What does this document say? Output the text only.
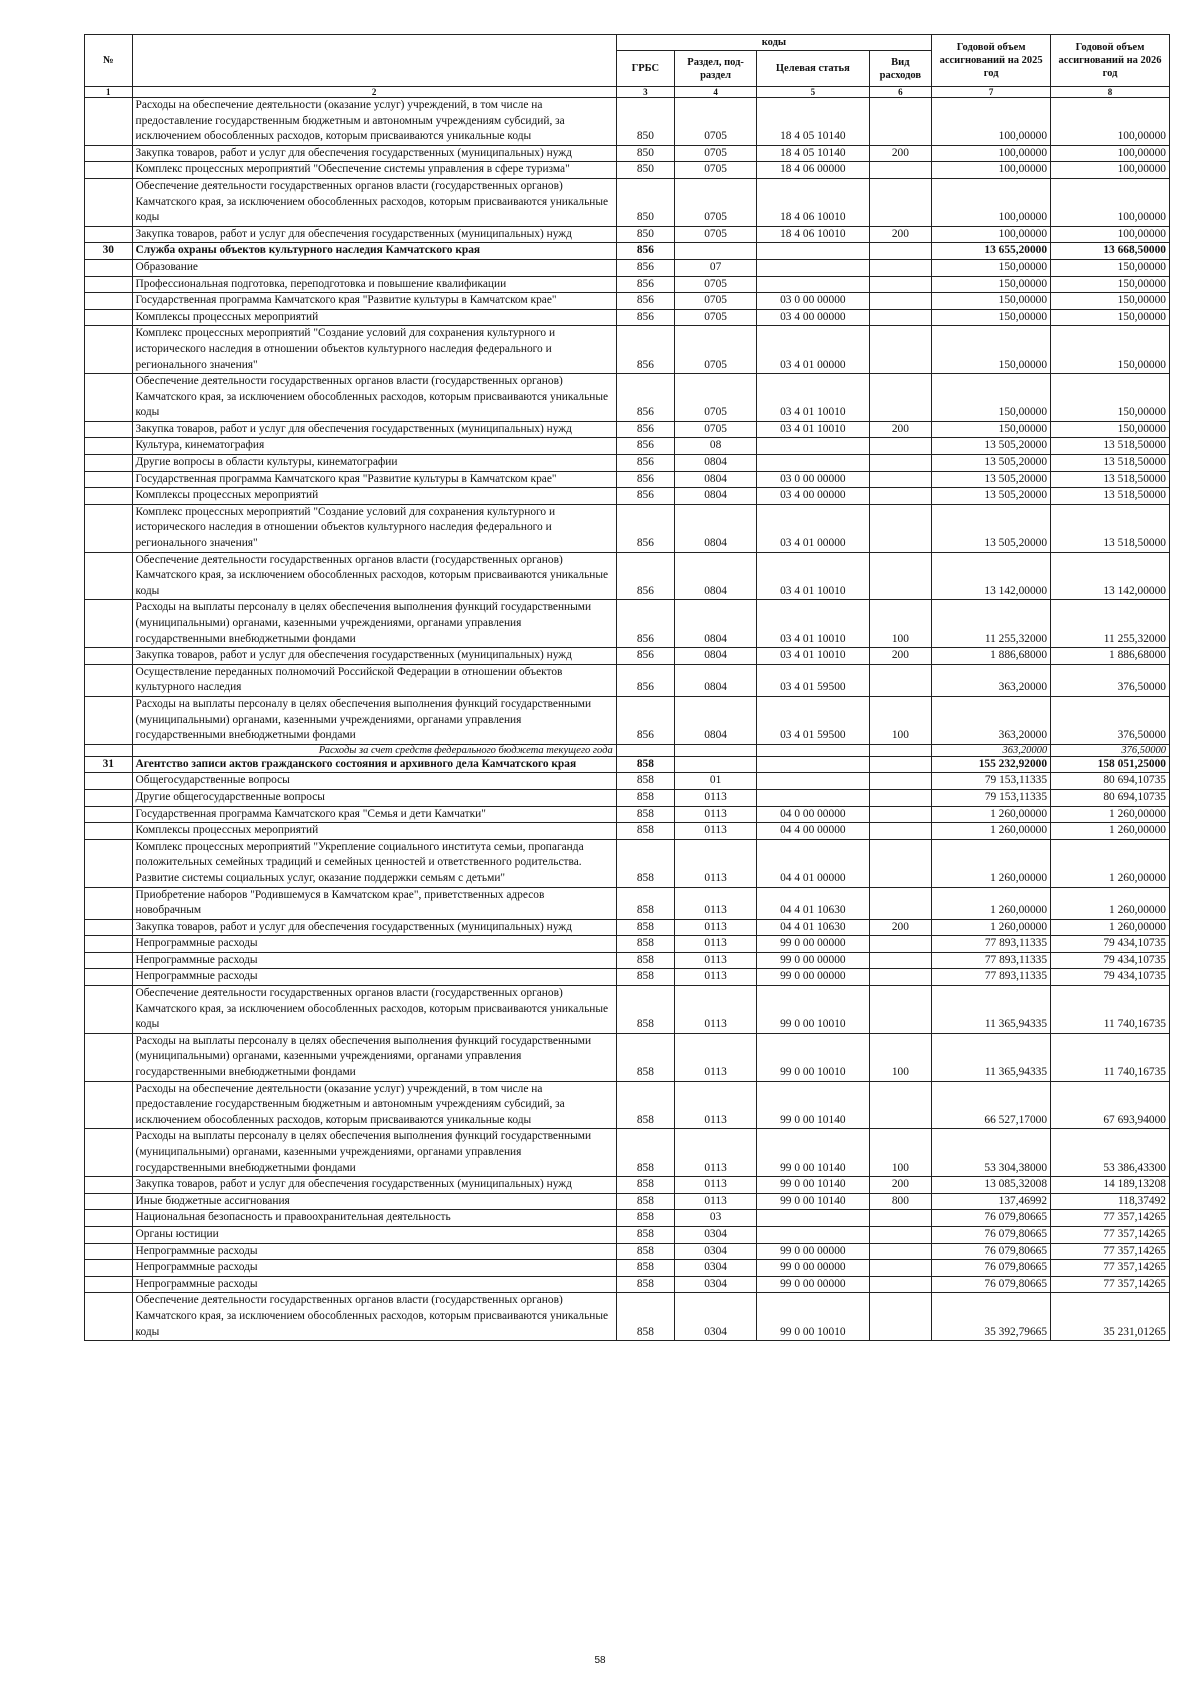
№		коды				Годовой объем ассигнований на 2025 год	Годовой объем ассигнований на 2026 год
		ГРБС	Раздел, под-раздел	Целевая статья	Вид расходов		
1	2	3	4	5	6	7	8
	Расходы на обеспечение деятельности (оказание услуг) учреждений, в том числе на предоставление государственным бюджетным и автономным учреждениям субсидий, за исключением обособленных расходов, которым присваиваются уникальные коды	850	0705	18 4 05 10140		100,00000	100,00000
	Закупка товаров, работ и услуг для обеспечения государственных (муниципальных) нужд	850	0705	18 4 05 10140	200	100,00000	100,00000
	Комплекс процессных мероприятий "Обеспечение системы управления в сфере туризма"	850	0705	18 4 06 00000		100,00000	100,00000
	Обеспечение деятельности государственных органов власти (государственных органов) Камчатского края, за исключением обособленных расходов, которым присваиваются уникальные коды	850	0705	18 4 06 10010		100,00000	100,00000
	Закупка товаров, работ и услуг для обеспечения государственных (муниципальных) нужд	850	0705	18 4 06 10010	200	100,00000	100,00000
30	Служба охраны объектов культурного наследия Камчатского края	856				13 655,20000	13 668,50000
	Образование	856	07			150,00000	150,00000
	Профессиональная подготовка, переподготовка и повышение квалификации	856	0705			150,00000	150,00000
	Государственная программа Камчатского края "Развитие культуры в Камчатском крае"	856	0705	03 0 00 00000		150,00000	150,00000
	Комплексы процессных мероприятий	856	0705	03 4 00 00000		150,00000	150,00000
	Комплекс процессных мероприятий "Создание условий для сохранения культурного и исторического наследия в отношении объектов культурного наследия федерального и регионального значения"	856	0705	03 4 01 00000		150,00000	150,00000
	Обеспечение деятельности государственных органов власти (государственных органов) Камчатского края, за исключением обособленных расходов, которым присваиваются уникальные коды	856	0705	03 4 01 10010		150,00000	150,00000
	Закупка товаров, работ и услуг для обеспечения государственных (муниципальных) нужд	856	0705	03 4 01 10010	200	150,00000	150,00000
	Культура, кинематография	856	08			13 505,20000	13 518,50000
	Другие вопросы в области культуры, кинематографии	856	0804			13 505,20000	13 518,50000
	Государственная программа Камчатского края "Развитие культуры в Камчатском крае"	856	0804	03 0 00 00000		13 505,20000	13 518,50000
	Комплексы процессных мероприятий	856	0804	03 4 00 00000		13 505,20000	13 518,50000
	Комплекс процессных мероприятий "Создание условий для сохранения культурного и исторического наследия в отношении объектов культурного наследия федерального и регионального значения"	856	0804	03 4 01 00000		13 505,20000	13 518,50000
	Обеспечение деятельности государственных органов власти (государственных органов) Камчатского края, за исключением обособленных расходов, которым присваиваются уникальные коды	856	0804	03 4 01 10010		13 142,00000	13 142,00000
	Расходы на выплаты персоналу в целях обеспечения выполнения функций государственными (муниципальными) органами, казенными учреждениями, органами управления государственными внебюджетными фондами	856	0804	03 4 01 10010	100	11 255,32000	11 255,32000
	Закупка товаров, работ и услуг для обеспечения государственных (муниципальных) нужд	856	0804	03 4 01 10010	200	1 886,68000	1 886,68000
	Осуществление переданных полномочий Российской Федерации в отношении объектов культурного наследия	856	0804	03 4 01 59500		363,20000	376,50000
	Расходы на выплаты персоналу в целях обеспечения выполнения функций государственными (муниципальными) органами, казенными учреждениями, органами управления государственными внебюджетными фондами	856	0804	03 4 01 59500	100	363,20000	376,50000
	Расходы за счет средств федерального бюджета текущего года					363,20000	376,50000
31	Агентство записи актов гражданского состояния и архивного дела Камчатского края	858				155 232,92000	158 051,25000
	Общегосударственные вопросы	858	01			79 153,11335	80 694,10735
	Другие общегосударственные вопросы	858	0113			79 153,11335	80 694,10735
	Государственная программа Камчатского края "Семья и дети Камчатки"	858	0113	04 0 00 00000		1 260,00000	1 260,00000
	Комплексы процессных мероприятий	858	0113	04 4 00 00000		1 260,00000	1 260,00000
	Комплекс процессных мероприятий "Укрепление социального института семьи, пропаганда положительных семейных традиций и семейных ценностей и ответственного родительства. Развитие системы социальных услуг, оказание поддержки семьям с детьми"	858	0113	04 4 01 00000		1 260,00000	1 260,00000
	Приобретение наборов "Родившемуся в Камчатском крае", приветственных адресов новобрачным	858	0113	04 4 01 10630		1 260,00000	1 260,00000
	Закупка товаров, работ и услуг для обеспечения государственных (муниципальных) нужд	858	0113	04 4 01 10630	200	1 260,00000	1 260,00000
	Непрограммные расходы	858	0113	99 0 00 00000		77 893,11335	79 434,10735
	Непрограммные расходы	858	0113	99 0 00 00000		77 893,11335	79 434,10735
	Непрограммные расходы	858	0113	99 0 00 00000		77 893,11335	79 434,10735
	Обеспечение деятельности государственных органов власти (государственных органов) Камчатского края, за исключением обособленных расходов, которым присваиваются уникальные коды	858	0113	99 0 00 10010		11 365,94335	11 740,16735
	Расходы на выплаты персоналу в целях обеспечения выполнения функций государственными (муниципальными) органами, казенными учреждениями, органами управления государственными внебюджетными фондами	858	0113	99 0 00 10010	100	11 365,94335	11 740,16735
	Расходы на обеспечение деятельности (оказание услуг) учреждений, в том числе на предоставление государственным бюджетным и автономным учреждениям субсидий, за исключением обособленных расходов, которым присваиваются уникальные коды	858	0113	99 0 00 10140		66 527,17000	67 693,94000
	Расходы на выплаты персоналу в целях обеспечения выполнения функций государственными (муниципальными) органами, казенными учреждениями, органами управления государственными внебюджетными фондами	858	0113	99 0 00 10140	100	53 304,38000	53 386,43300
	Закупка товаров, работ и услуг для обеспечения государственных (муниципальных) нужд	858	0113	99 0 00 10140	200	13 085,32008	14 189,13208
	Иные бюджетные ассигнования	858	0113	99 0 00 10140	800	137,46992	118,37492
	Национальная безопасность и правоохранительная деятельность	858	03			76 079,80665	77 357,14265
	Органы юстиции	858	0304			76 079,80665	77 357,14265
	Непрограммные расходы	858	0304	99 0 00 00000		76 079,80665	77 357,14265
	Непрограммные расходы	858	0304	99 0 00 00000		76 079,80665	77 357,14265
	Непрограммные расходы	858	0304	99 0 00 00000		76 079,80665	77 357,14265
	Обеспечение деятельности государственных органов власти (государственных органов) Камчатского края, за исключением обособленных расходов, которым присваиваются уникальные коды	858	0304	99 0 00 10010		35 392,79665	35 231,01265
58
